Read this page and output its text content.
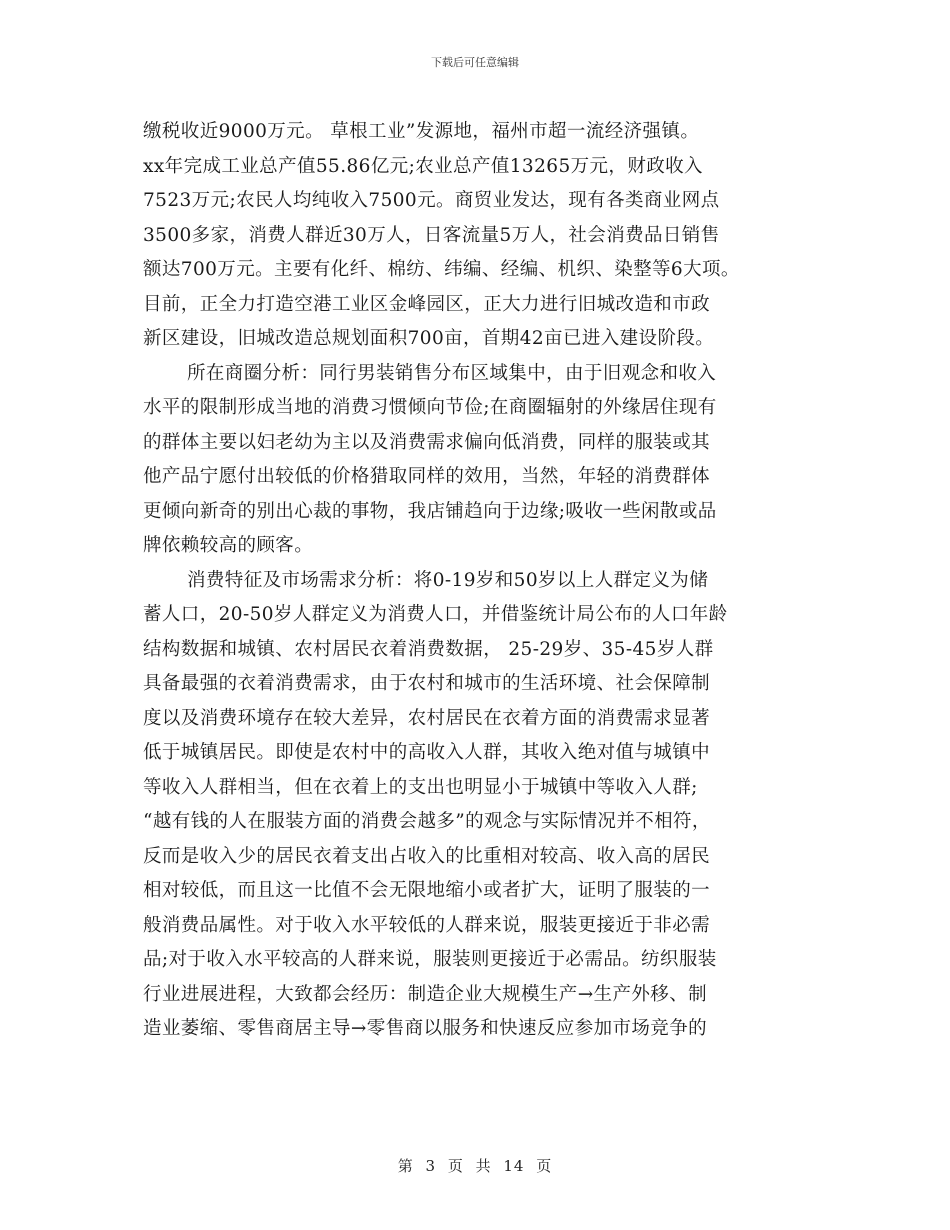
下载后可任意编辑
缴税收近9000万元。 草根工业”发源地，福州市超一流经济强镇。
xx年完成工业总产值55.86亿元;农业总产值13265万元，财政收入
7523万元;农民人均纯收入7500元。商贸业发达，现有各类商业网点
3500多家，消费人群近30万人，日客流量5万人，社会消费品日销售
额达700万元。主要有化纤、棉纺、纬编、经编、机织、染整等6大项。
目前，正全力打造空港工业区金峰园区，正大力进行旧城改造和市政
新区建设，旧城改造总规划面积700亩，首期42亩已进入建设阶段。
所在商圈分析：同行男装销售分布区域集中，由于旧观念和收入
水平的限制形成当地的消费习惯倾向节俭;在商圈辐射的外缘居住现有
的群体主要以妇老幼为主以及消费需求偏向低消费，同样的服装或其
他产品宁愿付出较低的价格猎取同样的效用，当然，年轻的消费群体
更倾向新奇的别出心裁的事物，我店铺趋向于边缘;吸收一些闲散或品
牌依赖较高的顾客。
消费特征及市场需求分析：将0-19岁和50岁以上人群定义为储
蓄人口，20-50岁人群定义为消费人口，并借鉴统计局公布的人口年龄
结构数据和城镇、农村居民衣着消费数据， 25-29岁、35-45岁人群
具备最强的衣着消费需求，由于农村和城市的生活环境、社会保障制
度以及消费环境存在较大差异，农村居民在衣着方面的消费需求显著
低于城镇居民。即使是农村中的高收入人群，其收入绝对值与城镇中
等收入人群相当，但在衣着上的支出也明显小于城镇中等收入人群;
“越有钱的人在服装方面的消费会越多”的观念与实际情况并不相符，
反而是收入少的居民衣着支出占收入的比重相对较高、收入高的居民
相对较低，而且这一比值不会无限地缩小或者扩大，证明了服装的一
般消费品属性。对于收入水平较低的人群来说，服装更接近于非必需
品;对于收入水平较高的人群来说，服装则更接近于必需品。纺织服装
行业进展进程，大致都会经历：制造企业大规模生产→生产外移、制
造业萎缩、零售商居主导→零售商以服务和快速反应参加市场竞争的
第 3 页 共 14 页
